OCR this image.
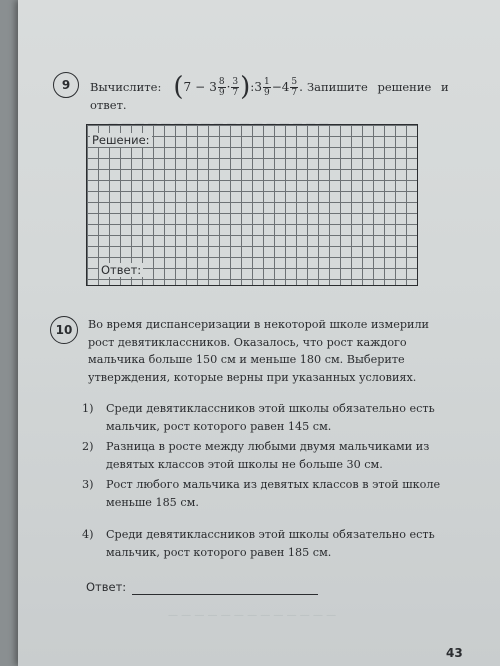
— — — — — — — — — — — — —
9	Вычислите: ( $7 - 3 \frac{8}{9} \cdot \frac{3}{7}$ ) : $3 \frac{1}{9} - 4 \frac{5}{7}$ . Запишите решение и
ответ.
Решение:
Ответ:
10	Во время диспансеризации в некоторой школе измерили рост девятиклассников. Оказалось, что рост каждого мальчика больше 150 см и меньше 180 см. Выберите утверждения, которые верны при указанных условиях.
1)	Среди девятиклассников этой школы обязательно есть мальчик, рост которого равен 145 см.
2)	Разница в росте между любыми двумя мальчиками из девятых классов этой школы не больше 30 см.
3)	Рост любого мальчика из девятых классов в этой школе меньше 185 см.
4)	Среди девятиклассников этой школы обязательно есть мальчик, рост которого равен 185 см.
Ответ:
43
